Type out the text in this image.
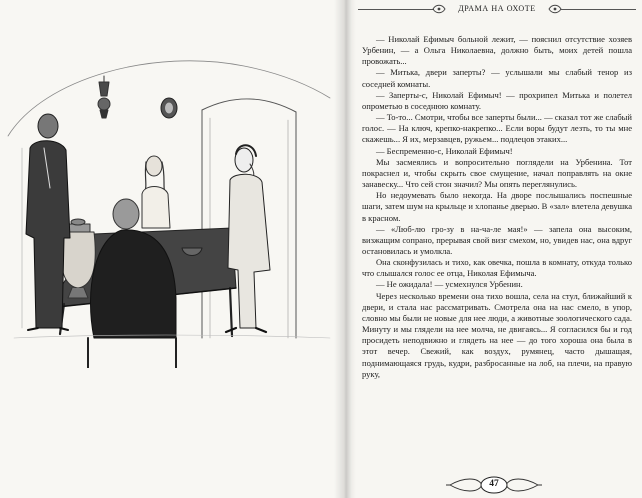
ДРАМА НА ОХОТЕ

— Николай Ефимыч больной лежит, — пояснил отсутствие хозяев Урбенин, — а Ольга Николаевна, должно быть, моих детей пошла провожать...

— Митька, двери заперты? — услышали мы слабый тенор из соседней комнаты.

— Заперты-с, Николай Ефимыч! — прохрипел Митька и полетел опрометью в соседнюю комнату.

— То-то... Смотри, чтобы все заперты были... — сказал тот же слабый голос. — На ключ, крепко-накрепко... Если воры будут лезть, то ты мне скажешь... Я их, мерзавцев, ружьем... подлецов этаких...

— Беспременно-с, Николай Ефимыч!

Мы засмеялись и вопросительно поглядели на Урбенина. Тот покраснел и, чтобы скрыть свое смущение, начал поправлять на окне занавеску... Что сей стон значил? Мы опять переглянулись.

Но недоумевать было некогда. На дворе послышались поспешные шаги, затем шум на крыльце и хлопанье дверью. В «зал» влетела девушка в красном.

— «Люб-лю гро-зу в на-ча-ле мая!» — запела она высоким, визжащим сопрано, прерывая свой визг смехом, но, увидев нас, она вдруг остановилась и умолкла.

Она сконфузилась и тихо, как овечка, пошла в комнату, откуда только что слышался голос ее отца, Николая Ефимыча.

— Не ожидала! — усмехнулся Урбенин.

Через несколько времени она тихо вошла, села на стул, ближайший к двери, и стала нас рассматривать. Смотрела она на нас смело, в упор, словно мы были не новые для нее люди, а животные зоологического сада. Минуту и мы глядели на нее молча, не двигаясь... Я согласился бы и год просидеть неподвижно и глядеть на нее — до того хороша она была в этот вечер. Свежий, как воздух, румянец, часто дышащая, поднимающаяся грудь, кудри, разбросанные на лоб, на плечи, на правую руку,

47
